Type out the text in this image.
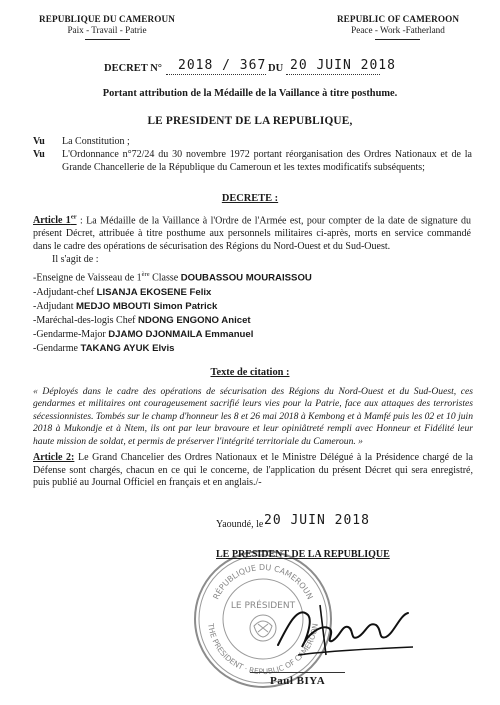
REPUBLIQUE DU CAMEROUN
Paix - Travail - Patrie
REPUBLIC OF CAMEROON
Peace - Work -Fatherland
DECRET N° 2018 / 367 DU 20 JUIN 2018
Portant attribution de la Médaille de la Vaillance à titre posthume.
LE PRESIDENT DE LA REPUBLIQUE,
Vu La Constitution ;
Vu L'Ordonnance n°72/24 du 30 novembre 1972 portant réorganisation des Ordres Nationaux et de la Grande Chancellerie de la République du Cameroun et les textes modificatifs subséquents;
DECRETE :
Article 1er : La Médaille de la Vaillance à l'Ordre de l'Armée est, pour compter de la date de signature du présent Décret, attribuée à titre posthume aux personnels militaires ci-après, morts en service commandé dans le cadre des opérations de sécurisation des Régions du Nord-Ouest et du Sud-Ouest.
Il s'agit de :
-Enseigne de Vaisseau de 1ère Classe DOUBASSOU MOURAISSOU
-Adjudant-chef LISANJA EKOSENE Felix
-Adjudant MEDJO MBOUTI Simon Patrick
-Maréchal-des-logis Chef NDONG ENGONO Anicet
-Gendarme-Major DJAMO DJONMAILA Emmanuel
-Gendarme TAKANG AYUK Elvis
Texte de citation :
« Déployés dans le cadre des opérations de sécurisation des Régions du Nord-Ouest et du Sud-Ouest, ces gendarmes et militaires ont courageusement sacrifié leurs vies pour la Patrie, face aux attaques des terroristes sécessionnistes. Tombés sur le champ d'honneur les 8 et 26 mai 2018 à Kembong et à Mamfé puis les 02 et 10 juin 2018 à Mukondje et à Ntem, ils ont par leur bravoure et leur opiniâtreté rempli avec Honneur et Fidélité leur haute mission de soldat, et permis de préserver l'intégrité territoriale du Cameroun. »
Article 2: Le Grand Chancelier des Ordres Nationaux et le Ministre Délégué à la Présidence chargé de la Défense sont chargés, chacun en ce qui le concerne, de l'application du présent Décret qui sera enregistré, puis publié au Journal Officiel en français et en anglais./-
Yaoundé, le 20 JUIN 2018
RÉPUBLIQUE DU CAMEROUN
THE PRESIDENT · REPUBLIC OF CAMEROON
LE PRÉSIDENT
LE PRESIDENT DE LA REPUBLIQUE
Paul BIYA
